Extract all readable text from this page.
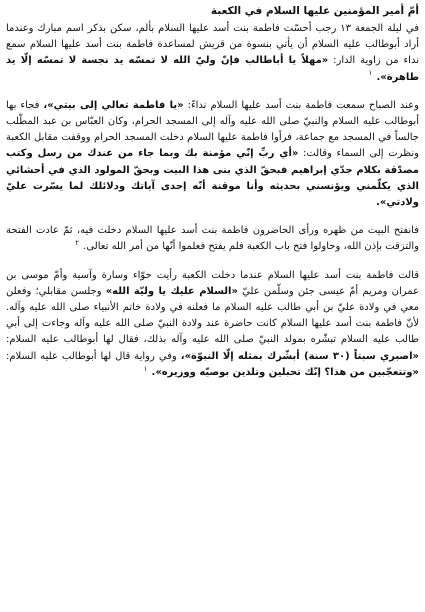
أمّ أمير المؤمنين عليها السلام في الكعبة

في ليلة الجمعة ١٣ رجب أحسّت فاطمة بنت أسد عليها السلام بألم، سكن بذكر اسم مبارك وعندما أراد أبوطالب عليه السلام أن يأتي بنسوة من قريش لمساعدة فاطمة بنت أسد عليها السلام سمع نداء من زاوية الدار: «مهلاً يا أباطالب فإنّ وليّ الله لا تمسّه يد نجسة لا تمسّه إلّا يد طاهرة». $^١$

وعند الصباح سمعت فاطمة بنت أسد عليها السلام نداءً: «يا فاطمة تعالي إلى بيتي»، فجاء بها أبوطالب عليه السلام والنبيّ صلى الله عليه وآله إلى المسجد الحرام، وكان العبّاس بن عبد المطّلب جالساً في المسجد مع جماعة، فرأوا فاطمة عليها السلام دخلت المسجد الحرام ووقفت مقابل الكعبة ونظرت إلى السماء وقالت: «أي ربِّ إنّي مؤمنة بك وبما جاء من عندك من رسل وكتب مصدّقة بكلام جدّي إبراهيم فبحقّ الذي بنى هذا البيت وبحقّ المولود الذي في أحشائي الذي يكلّمني ويؤنسني بحديثه وأنا موقنة أنّه إحدى آياتك ودلائلك لما يسّرت عليّ ولادتي».

فانفتح البيت من ظهره ورأى الحاضرون فاطمة بنت أسد عليها السلام دخلت فيه، ثمّ عادت الفتحة والتزقت بإذن الله، وحاولوا فتح باب الكعبة فلم يفتح فعلموا أنّها من أمر الله تعالى. $^٢$

قالت فاطمة بنت أسد عليها السلام عندما دخلت الكعبة رأيت حوّاء وسارة وآسية وأمّ موسى بن عمران ومريم أمّ عيسى جئن وسلّمن عليّ «السلام عليك يا وليّة الله» وجلسن مقابلي؛ وفعلن معي في ولادة عليّ بن أبي طالب عليه السلام ما فعلنه في ولادة خاتم الأنبياء صلى الله عليه وآله. لأنّ فاطمة بنت أسد عليها السلام كانت حاضرة عند ولادة النبيّ صلى الله عليه وآله وجاءت إلى أبي طالب عليه السلام تبشّره بمولد النبيّ صلى الله عليه وآله بذلك، فقال لها أبوطالب عليه السلام: «اصبري سبتاً (٣٠ سنة) أبشّرك بمثله إلّا النبوّة»، وفي رواية قال لها أبوطالب عليه السلام: «وتتعجّبين من هذا؟ إنّك تحبلين وتلدين بوصيّه ووزيره». $^١$
